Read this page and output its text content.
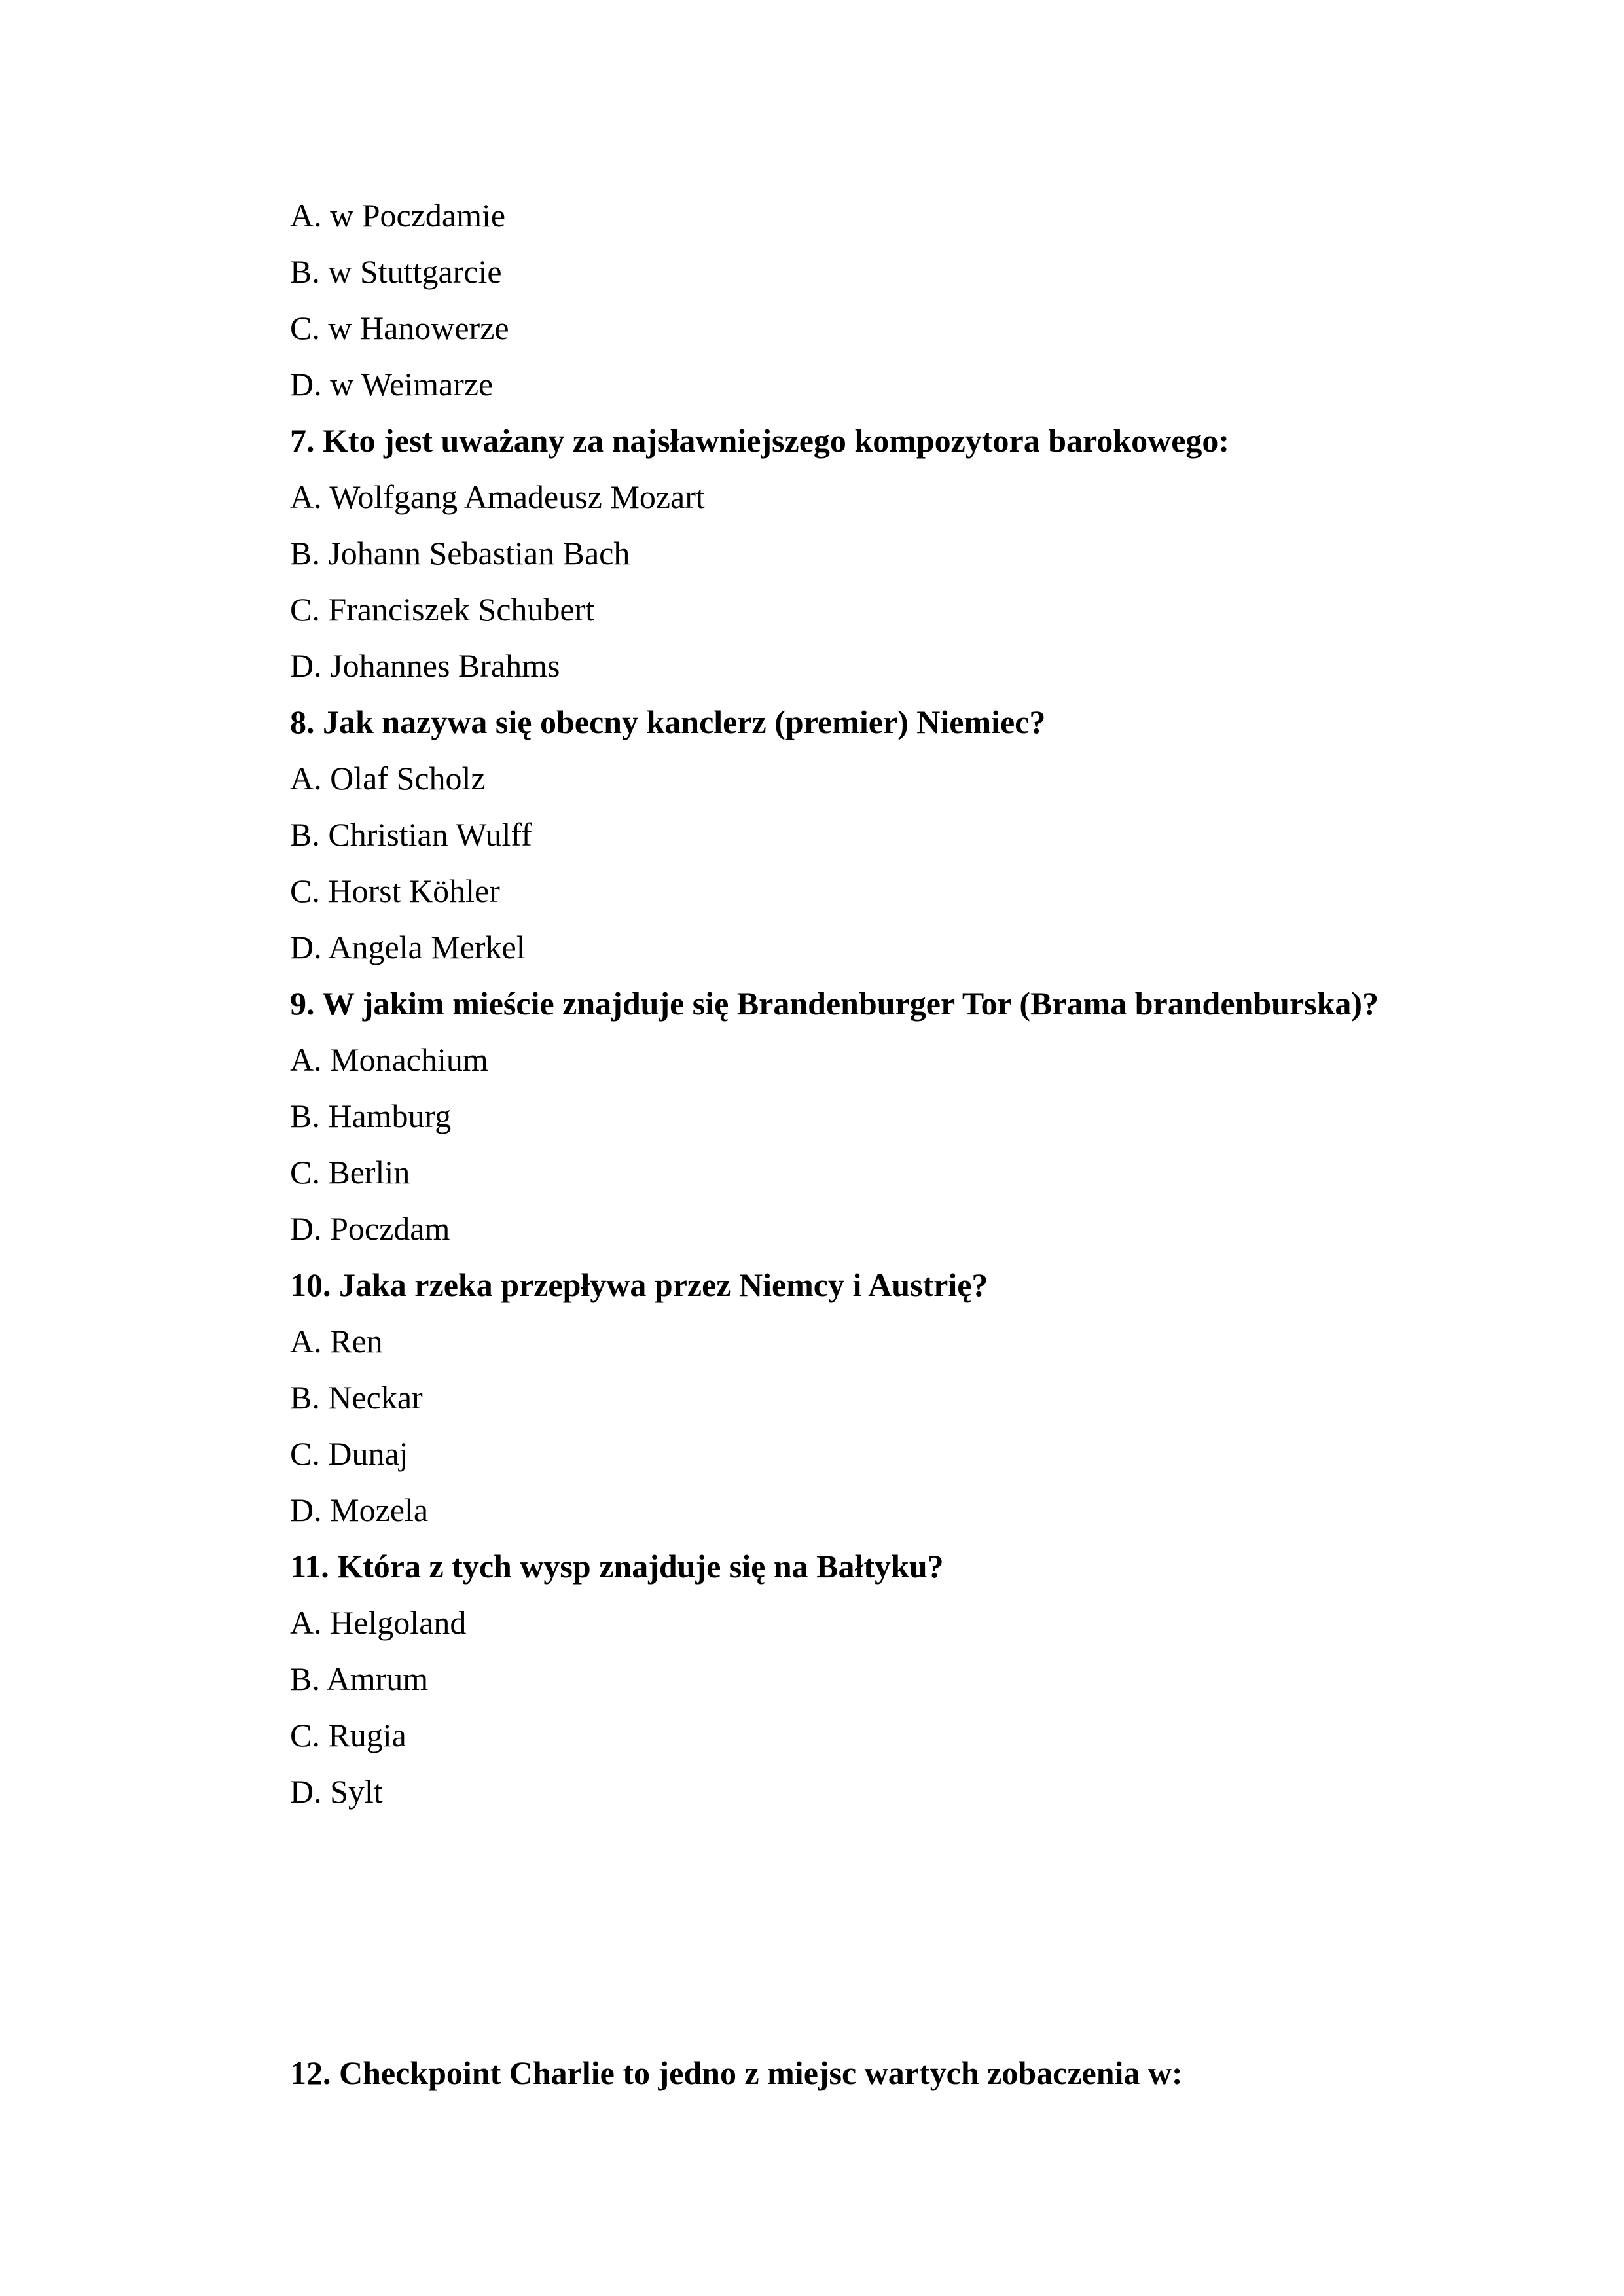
A. w Poczdamie
B. w Stuttgarcie
C. w Hanowerze
D. w Weimarze
7. Kto jest uważany za najsławniejszego kompozytora barokowego:
A. Wolfgang Amadeusz Mozart
B. Johann Sebastian Bach
C. Franciszek Schubert
D. Johannes Brahms
8. Jak nazywa się obecny kanclerz (premier) Niemiec?
A. Olaf Scholz
B. Christian Wulff
C. Horst Köhler
D. Angela Merkel
9. W jakim mieście znajduje się Brandenburger Tor (Brama brandenburska)?
A. Monachium
B. Hamburg
C. Berlin
D. Poczdam
10. Jaka rzeka przepływa przez Niemcy i Austrię?
A. Ren
B. Neckar
C. Dunaj
D. Mozela
11. Która z tych wysp znajduje się na Bałtyku?
A. Helgoland
B. Amrum
C. Rugia
D. Sylt
12. Checkpoint Charlie to jedno z miejsc wartych zobaczenia w:
